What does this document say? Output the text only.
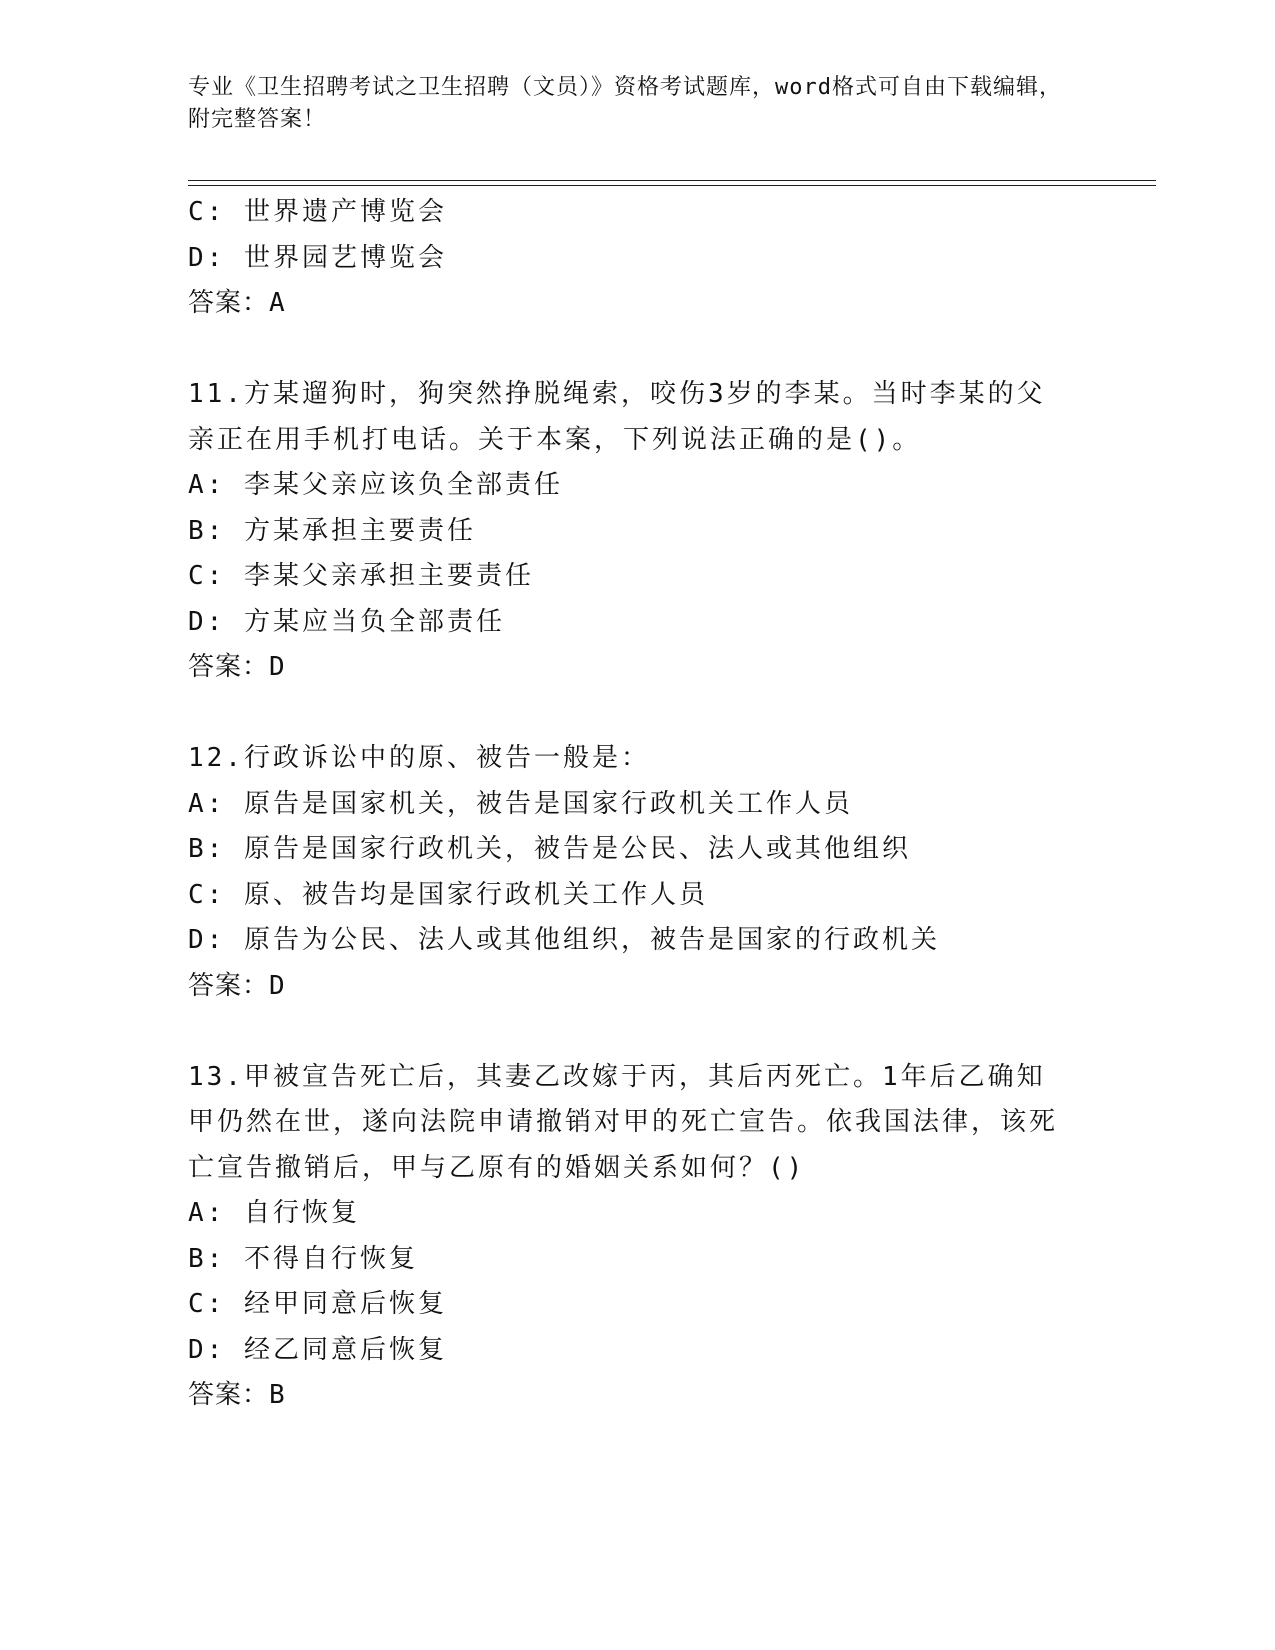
专业《卫生招聘考试之卫生招聘（文员）》资格考试题库，word格式可自由下载编辑，附完整答案！
C: 世界遗产博览会
D: 世界园艺博览会
答案：A
11.方某遛狗时，狗突然挣脱绳索，咬伤3岁的李某。当时李某的父亲正在用手机打电话。关于本案，下列说法正确的是()。
A: 李某父亲应该负全部责任
B: 方某承担主要责任
C: 李某父亲承担主要责任
D: 方某应当负全部责任
答案：D
12.行政诉讼中的原、被告一般是：
A: 原告是国家机关，被告是国家行政机关工作人员
B: 原告是国家行政机关，被告是公民、法人或其他组织
C: 原、被告均是国家行政机关工作人员
D: 原告为公民、法人或其他组织，被告是国家的行政机关
答案：D
13.甲被宣告死亡后，其妻乙改嫁于丙，其后丙死亡。1年后乙确知甲仍然在世，遂向法院申请撤销对甲的死亡宣告。依我国法律，该死亡宣告撤销后，甲与乙原有的婚姻关系如何？()
A: 自行恢复
B: 不得自行恢复
C: 经甲同意后恢复
D: 经乙同意后恢复
答案：B
